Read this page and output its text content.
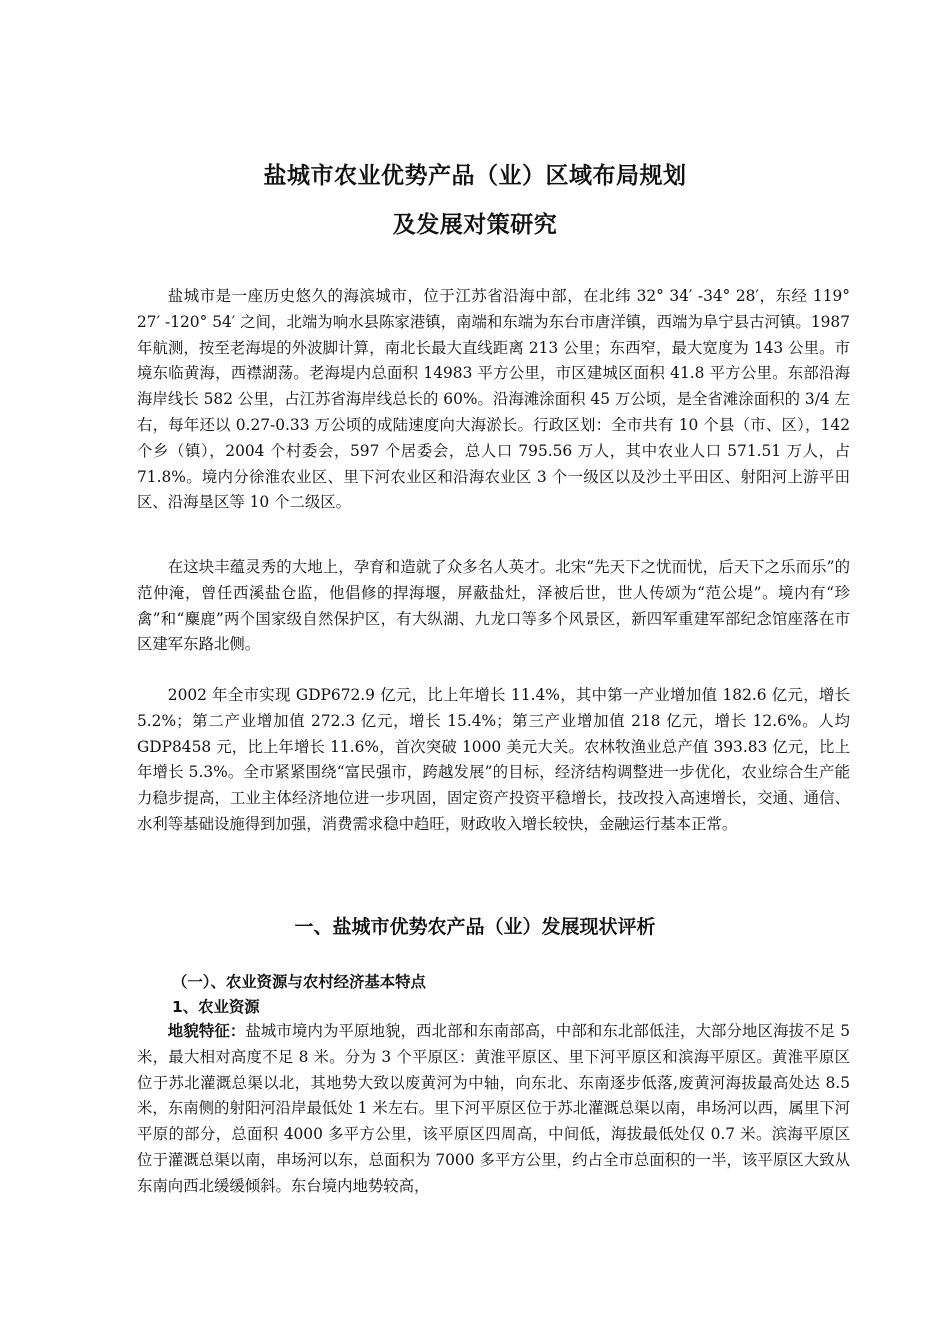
盐城市农业优势产品（业）区域布局规划
及发展对策研究

盐城市是一座历史悠久的海滨城市，位于江苏省沿海中部，在北纬 32° 34′ -34° 28′，东经 119° 27′ -120° 54′ 之间，北端为响水县陈家港镇，南端和东端为东台市唐洋镇，西端为阜宁县古河镇。1987 年航测，按至老海堤的外波脚计算，南北长最大直线距离 213 公里；东西窄，最大宽度为 143 公里。市境东临黄海，西襟湖荡。老海堤内总面积 14983 平方公里，市区建城区面积 41.8 平方公里。东部沿海海岸线长 582 公里，占江苏省海岸线总长的 60%。沿海滩涂面积 45 万公顷，是全省滩涂面积的 3/4 左右，每年还以 0.27-0.33 万公顷的成陆速度向大海淤长。行政区划：全市共有 10 个县（市、区），142 个乡（镇），2004 个村委会，597 个居委会，总人口 795.56 万人，其中农业人口 571.51 万人，占 71.8%。境内分徐淮农业区、里下河农业区和沿海农业区 3 个一级区以及沙土平田区、射阳河上游平田区、沿海垦区等 10 个二级区。

在这块丰蕴灵秀的大地上，孕育和造就了众多名人英才。北宋“先天下之忧而忧，后天下之乐而乐”的范仲淹，曾任西溪盐仓监，他倡修的捍海堰，屏蔽盐灶，泽被后世，世人传颂为“范公堤”。境内有“珍禽”和“麋鹿”两个国家级自然保护区，有大纵湖、九龙口等多个风景区，新四军重建军部纪念馆座落在市区建军东路北侧。

2002 年全市实现 GDP672.9 亿元，比上年增长 11.4%，其中第一产业增加值 182.6 亿元，增长 5.2%；第二产业增加值 272.3 亿元，增长 15.4%；第三产业增加值 218 亿元，增长 12.6%。人均 GDP8458 元，比上年增长 11.6%，首次突破 1000 美元大关。农林牧渔业总产值 393.83 亿元，比上年增长 5.3%。全市紧紧围绕“富民强市，跨越发展”的目标，经济结构调整进一步优化，农业综合生产能力稳步提高，工业主体经济地位进一步巩固，固定资产投资平稳增长，技改投入高速增长，交通、通信、水利等基础设施得到加强，消费需求稳中趋旺，财政收入增长较快，金融运行基本正常。

一、盐城市优势农产品（业）发展现状评析
（一）、农业资源与农村经济基本特点
1、农业资源

地貌特征：盐城市境内为平原地貌，西北部和东南部高，中部和东北部低洼，大部分地区海拔不足 5 米，最大相对高度不足 8 米。分为 3 个平原区：黄淮平原区、里下河平原区和滨海平原区。黄淮平原区位于苏北灌溉总渠以北，其地势大致以废黄河为中轴，向东北、东南逐步低落,废黄河海拔最高处达 8.5 米，东南侧的射阳河沿岸最低处 1 米左右。里下河平原区位于苏北灌溉总渠以南，串场河以西，属里下河平原的部分，总面积 4000 多平方公里，该平原区四周高，中间低，海拔最低处仅 0.7 米。滨海平原区位于灌溉总渠以南，串场河以东，总面积为 7000 多平方公里，约占全市总面积的一半，该平原区大致从东南向西北缓缓倾斜。东台境内地势较高，
